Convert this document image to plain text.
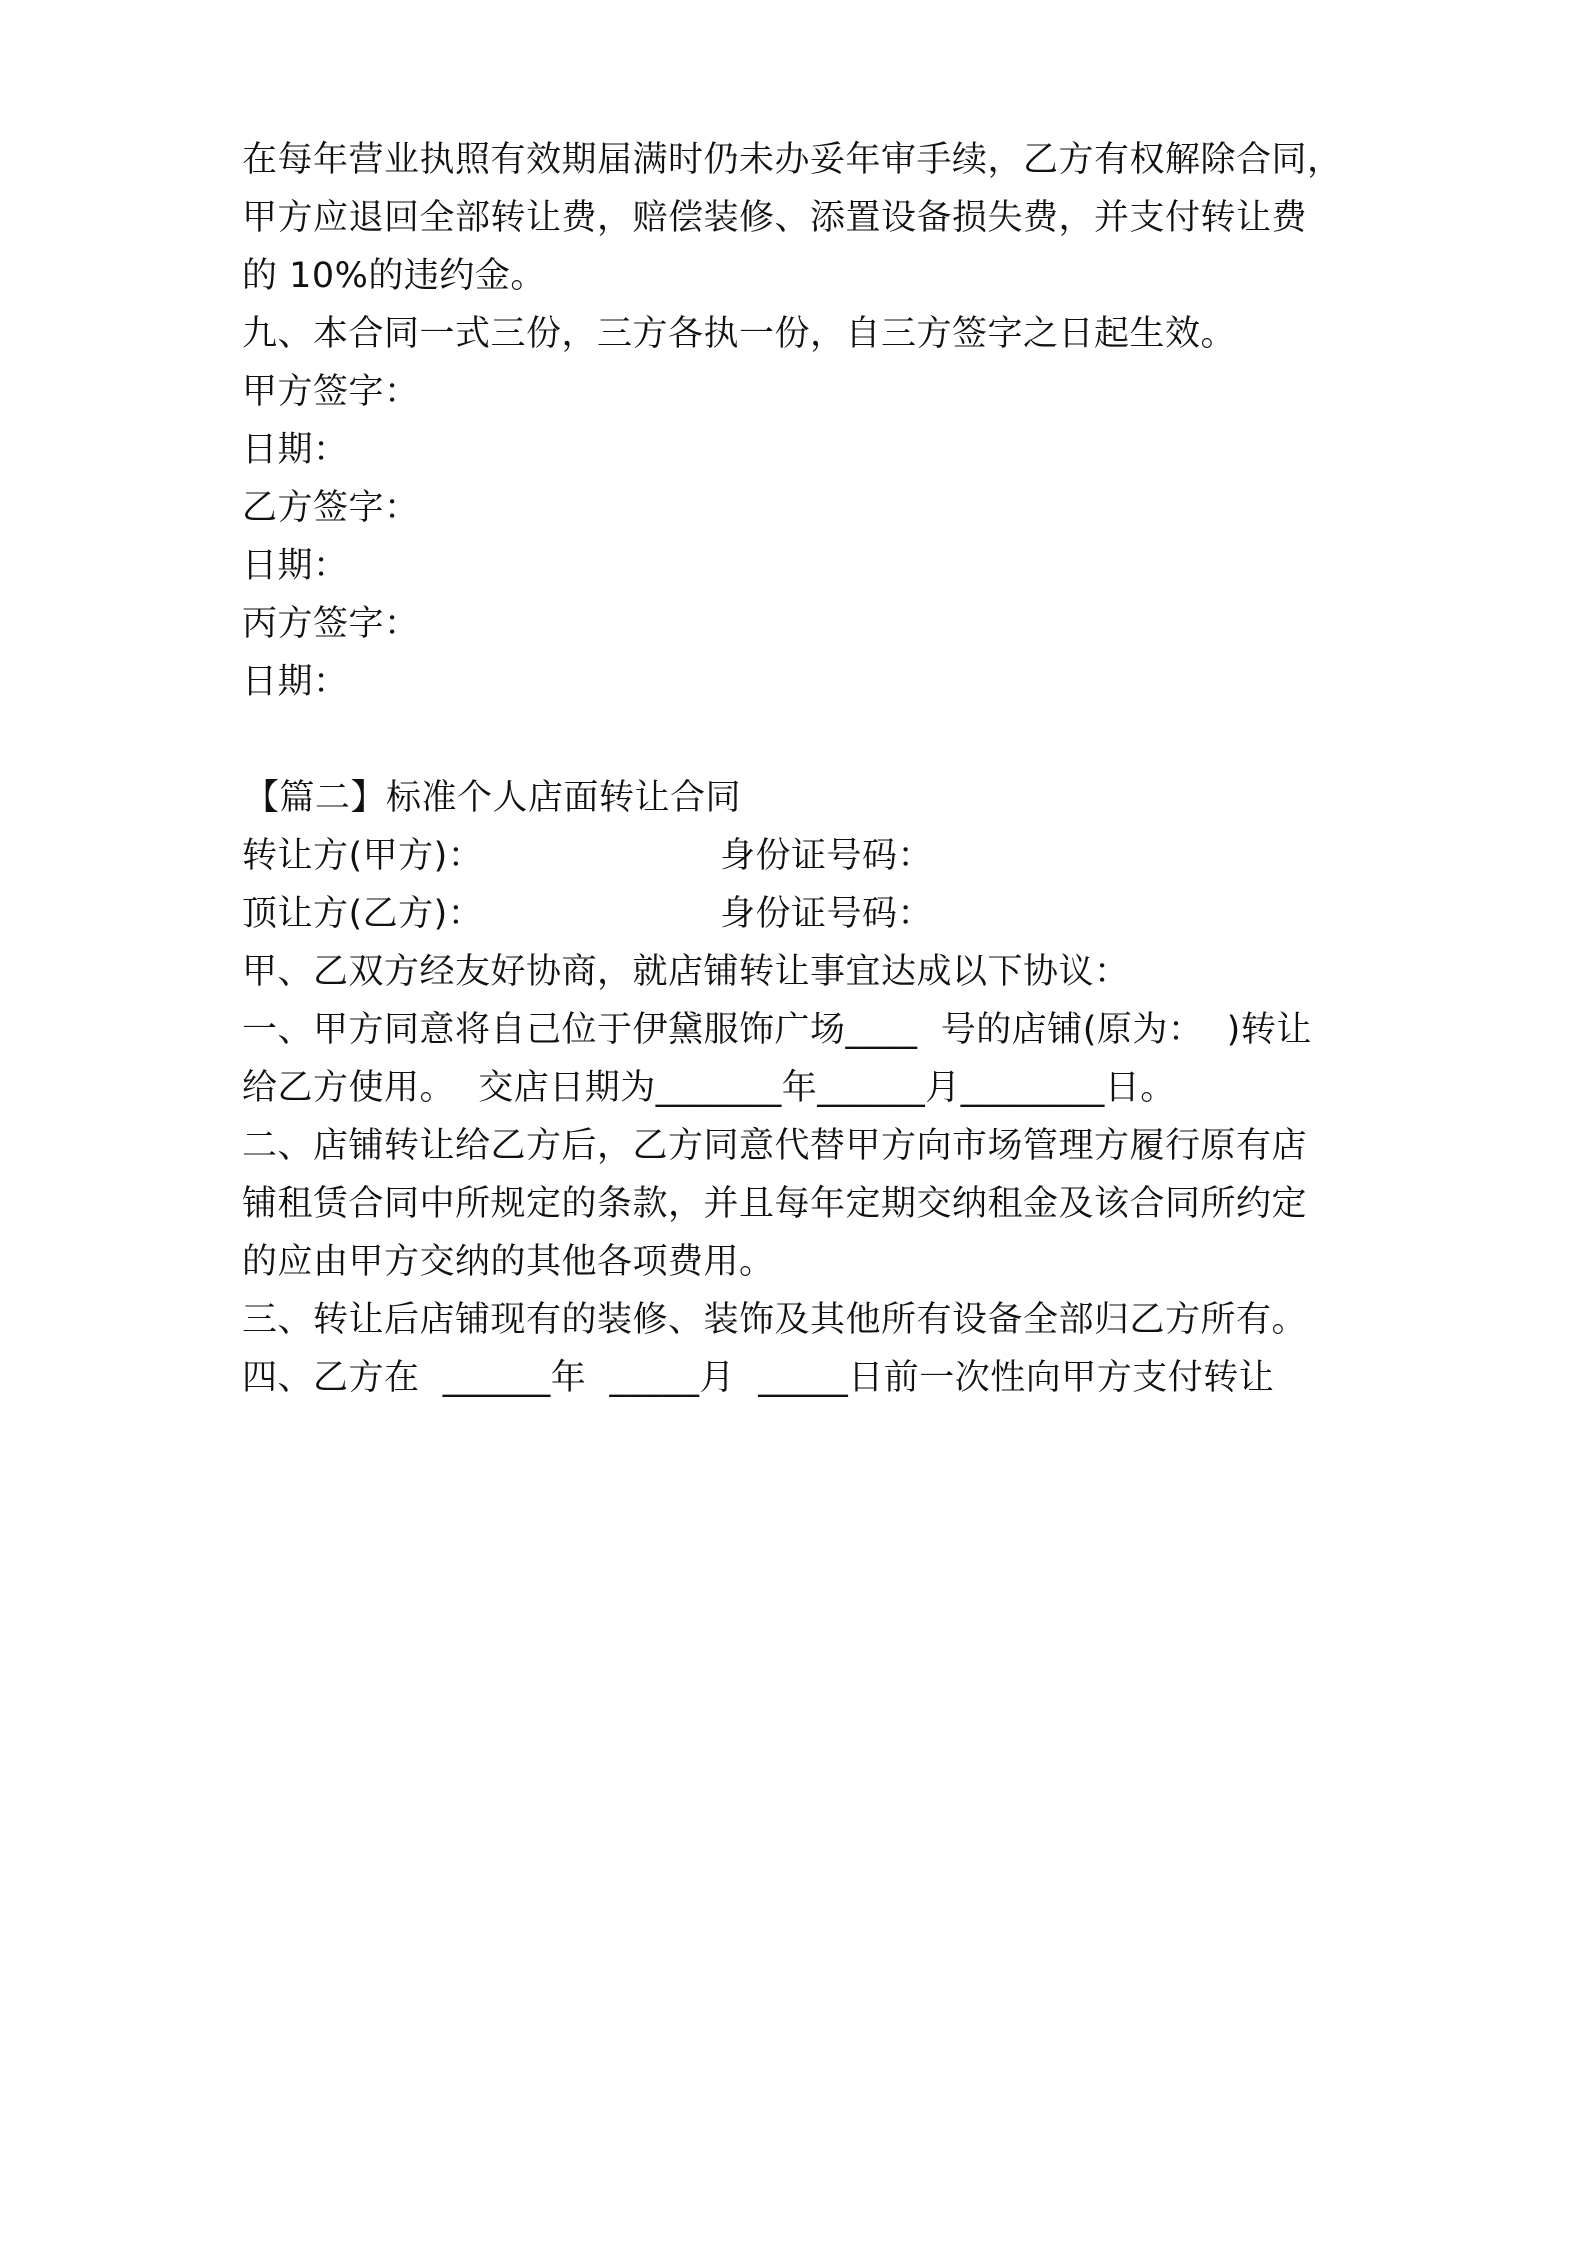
在每年营业执照有效期届满时仍未办妥年审手续，乙方有权解除合同，
甲方应退回全部转让费，赔偿装修、添置设备损失费，并支付转让费
的 10%的违约金。
九、本合同一式三份，三方各执一份，自三方签字之日起生效。
甲方签字：
日期：
乙方签字：
日期：
丙方签字：
日期：
【篇二】标准个人店面转让合同
转让方(甲方)：	身份证号码：
顶让方(乙方)：	身份证号码：
甲、乙双方经友好协商，就店铺转让事宜达成以下协议：
一、甲方同意将自己位于伊黛服饰广场____  号的店铺(原为：  )转让
给乙方使用。  交店日期为_______年______月________日。
二、店铺转让给乙方后，乙方同意代替甲方向市场管理方履行原有店
铺租赁合同中所规定的条款，并且每年定期交纳租金及该合同所约定
的应由甲方交纳的其他各项费用。
三、转让后店铺现有的装修、装饰及其他所有设备全部归乙方所有。
四、乙方在  ______年  _____月  _____日前一次性向甲方支付转让
